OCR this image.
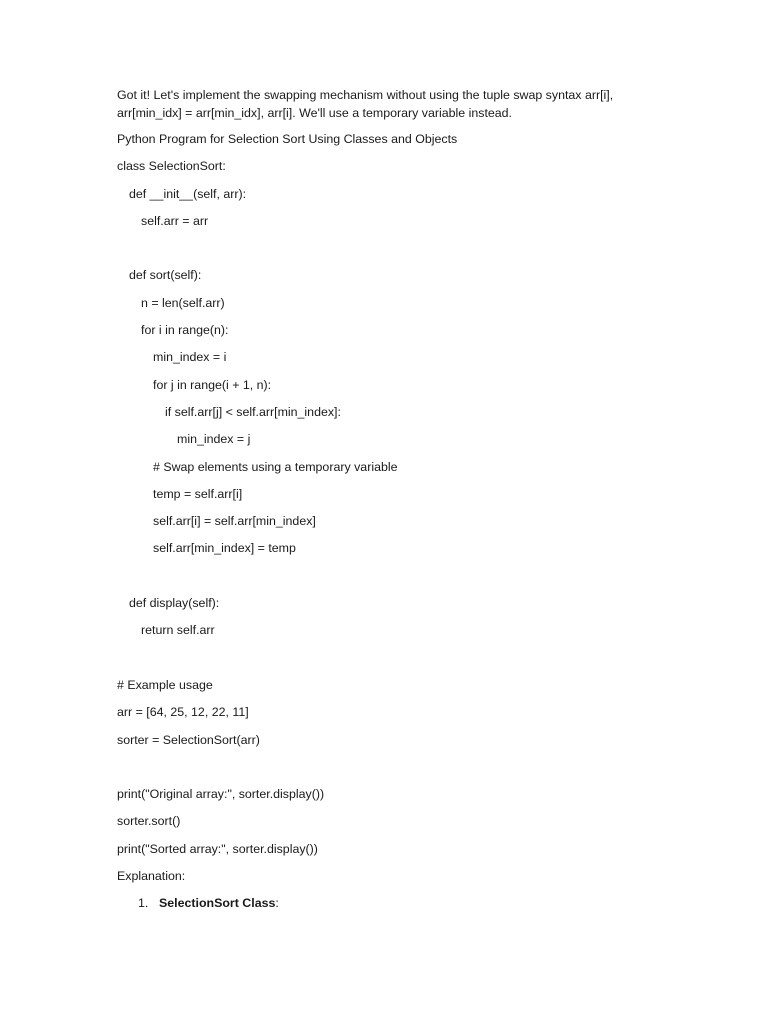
Got it! Let's implement the swapping mechanism without using the tuple swap syntax arr[i], arr[min_idx] = arr[min_idx], arr[i]. We'll use a temporary variable instead.

Python Program for Selection Sort Using Classes and Objects

class SelectionSort:

def __init__(self, arr):

self.arr = arr

def sort(self):

n = len(self.arr)

for i in range(n):

min_index = i

for j in range(i + 1, n):

if self.arr[j] < self.arr[min_index]:

min_index = j

# Swap elements using a temporary variable

temp = self.arr[i]

self.arr[i] = self.arr[min_index]

self.arr[min_index] = temp

def display(self):

return self.arr

# Example usage

arr = [64, 25, 12, 22, 11]

sorter = SelectionSort(arr)

print("Original array:", sorter.display())

sorter.sort()

print("Sorted array:", sorter.display())

Explanation:

1. SelectionSort Class:
